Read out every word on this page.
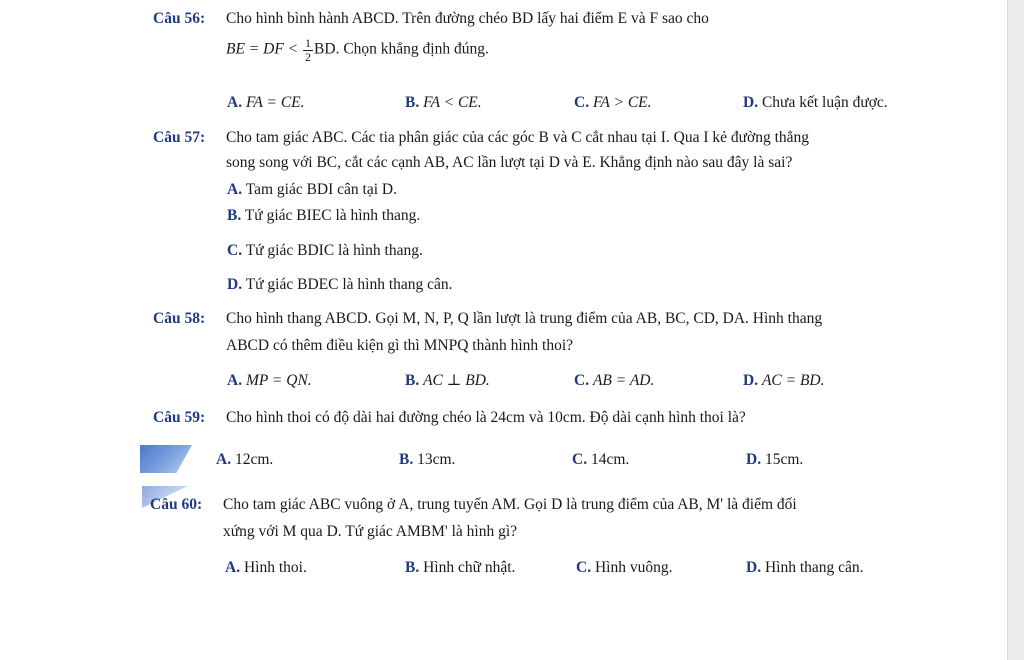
Câu 56: Cho hình bình hành ABCD. Trên đường chéo BD lấy hai điểm E và F sao cho
BE = DF < $\frac{1}{2}$ BD. Chọn khẳng định đúng.
A. FA = CE.	B. FA < CE.	C. FA > CE.	D. Chưa kết luận được.
Câu 57: Cho tam giác ABC. Các tia phân giác của các góc B và C cắt nhau tại I. Qua I kẻ đường thẳng
song song với BC, cắt các cạnh AB, AC lần lượt tại D và E. Khẳng định nào sau đây là sai?
A. Tam giác BDI cân tại D.
B. Tứ giác BIEC là hình thang.
C. Tứ giác BDIC là hình thang.
D. Tứ giác BDEC là hình thang cân.
Câu 58: Cho hình thang ABCD. Gọi M, N, P, Q lần lượt là trung điểm của AB, BC, CD, DA. Hình thang
ABCD có thêm điều kiện gì thì MNPQ thành hình thoi?
A. MP = QN.	B. AC ⊥ BD.	C. AB = AD.	D. AC = BD.
Câu 59: Cho hình thoi có độ dài hai đường chéo là 24cm và 10cm. Độ dài cạnh hình thoi là?
A. 12cm.	B. 13cm.	C. 14cm.	D. 15cm.
Câu 60: Cho tam giác ABC vuông ở A, trung tuyến AM. Gọi D là trung điểm của AB, M' là điểm đối
xứng với M qua D. Tứ giác AMBM' là hình gì?
A. Hình thoi.	B. Hình chữ nhật.	C. Hình vuông.	D. Hình thang cân.
